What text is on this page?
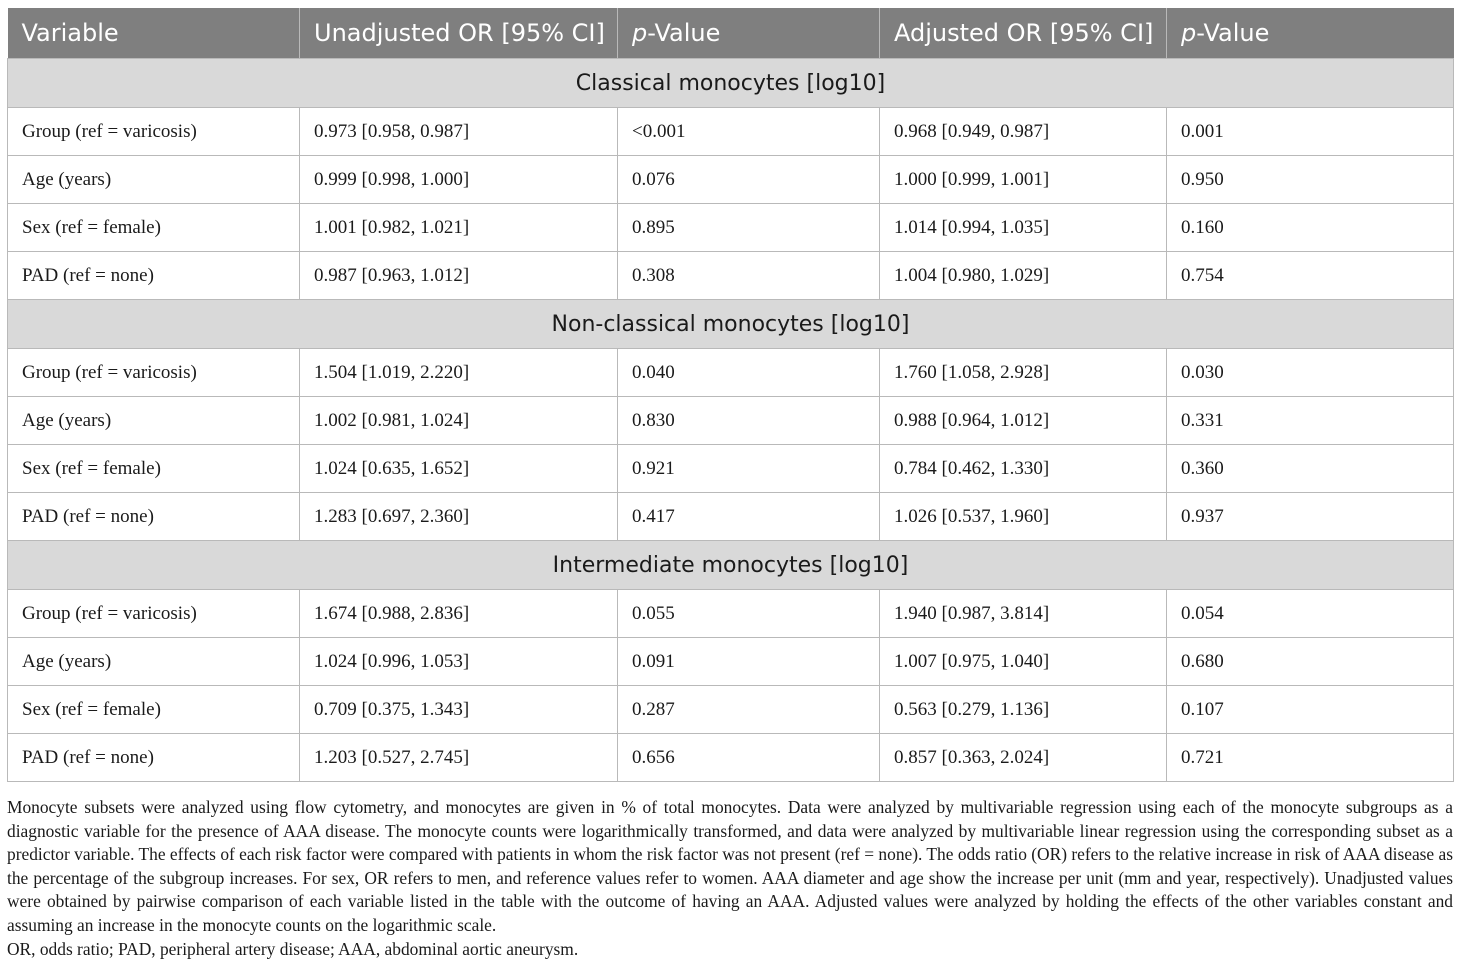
Variable	Unadjusted OR [95% CI]	p-Value	Adjusted OR [95% CI]	p-Value
Classical monocytes [log10]				
Group (ref = varicosis)	0.973 [0.958, 0.987]	<0.001	0.968 [0.949, 0.987]	0.001
Age (years)	0.999 [0.998, 1.000]	0.076	1.000 [0.999, 1.001]	0.950
Sex (ref = female)	1.001 [0.982, 1.021]	0.895	1.014 [0.994, 1.035]	0.160
PAD (ref = none)	0.987 [0.963, 1.012]	0.308	1.004 [0.980, 1.029]	0.754
Non-classical monocytes [log10]				
Group (ref = varicosis)	1.504 [1.019, 2.220]	0.040	1.760 [1.058, 2.928]	0.030
Age (years)	1.002 [0.981, 1.024]	0.830	0.988 [0.964, 1.012]	0.331
Sex (ref = female)	1.024 [0.635, 1.652]	0.921	0.784 [0.462, 1.330]	0.360
PAD (ref = none)	1.283 [0.697, 2.360]	0.417	1.026 [0.537, 1.960]	0.937
Intermediate monocytes [log10]				
Group (ref = varicosis)	1.674 [0.988, 2.836]	0.055	1.940 [0.987, 3.814]	0.054
Age (years)	1.024 [0.996, 1.053]	0.091	1.007 [0.975, 1.040]	0.680
Sex (ref = female)	0.709 [0.375, 1.343]	0.287	0.563 [0.279, 1.136]	0.107
PAD (ref = none)	1.203 [0.527, 2.745]	0.656	0.857 [0.363, 2.024]	0.721

Monocyte subsets were analyzed using flow cytometry, and monocytes are given in % of total monocytes. Data were analyzed by multivariable regression using each of the monocyte subgroups as a diagnostic variable for the presence of AAA disease. The monocyte counts were logarithmically transformed, and data were analyzed by multivariable linear regression using the corresponding subset as a predictor variable. The effects of each risk factor were compared with patients in whom the risk factor was not present (ref = none). The odds ratio (OR) refers to the relative increase in risk of AAA disease as the percentage of the subgroup increases. For sex, OR refers to men, and reference values refer to women. AAA diameter and age show the increase per unit (mm and year, respectively). Unadjusted values were obtained by pairwise comparison of each variable listed in the table with the outcome of having an AAA. Adjusted values were analyzed by holding the effects of the other variables constant and assuming an increase in the monocyte counts on the logarithmic scale.

OR, odds ratio; PAD, peripheral artery disease; AAA, abdominal aortic aneurysm.
